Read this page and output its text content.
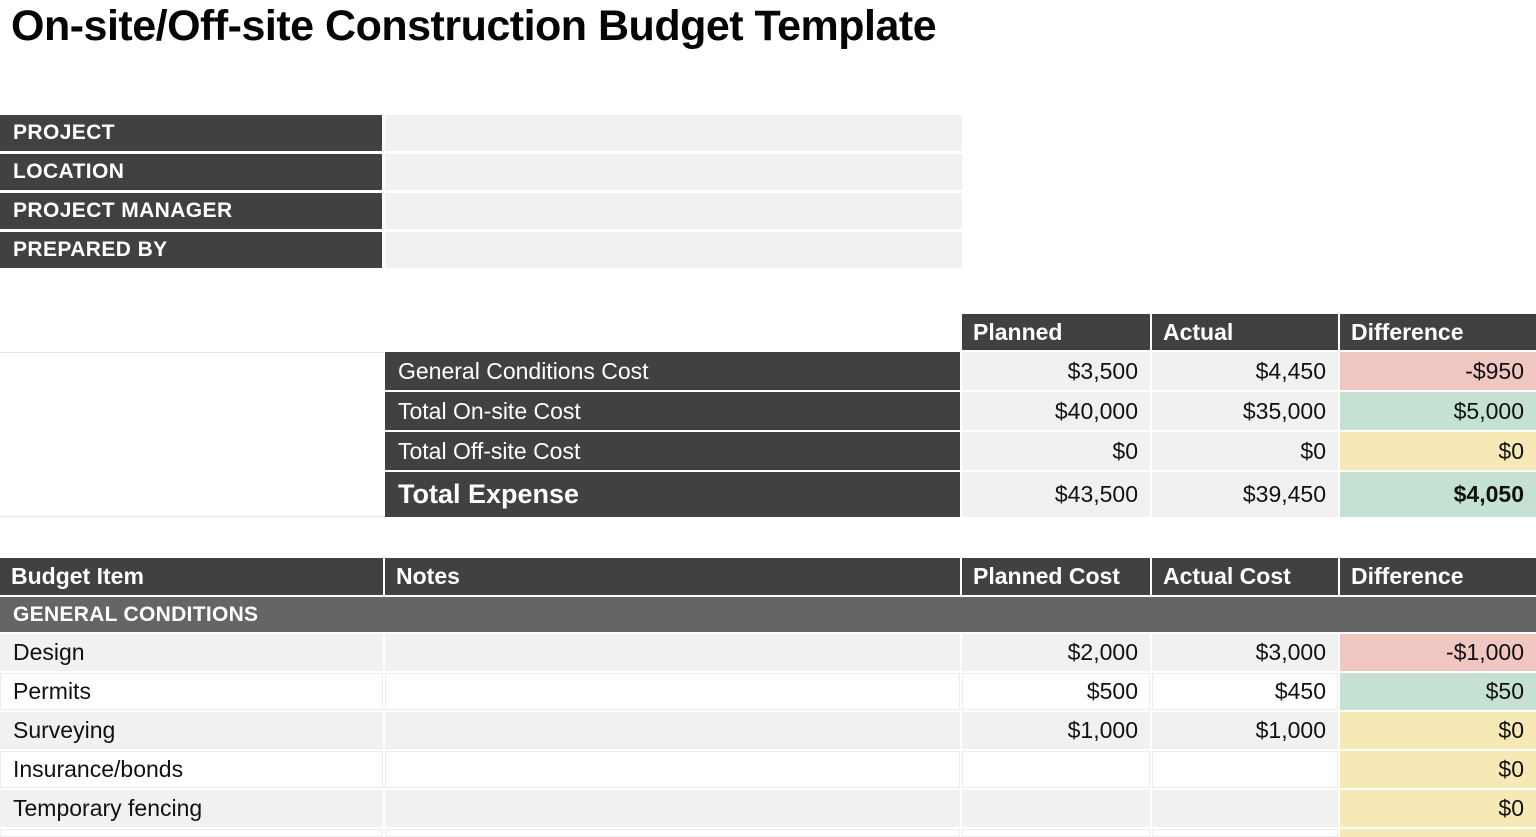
On-site/Off-site Construction Budget Template
PROJECT	
LOCATION	
PROJECT MANAGER	
PREPARED BY	
		Planned	Actual	Difference
	General Conditions Cost	$3,500	$4,450	-$950
	Total On-site Cost	$40,000	$35,000	$5,000
	Total Off-site Cost	$0	$0	$0
	Total Expense	$43,500	$39,450	$4,050
Budget Item	Notes	Planned Cost	Actual Cost	Difference
GENERAL CONDITIONS				
Design		$2,000	$3,000	-$1,000
Permits		$500	$450	$50
Surveying		$1,000	$1,000	$0
Insurance/bonds				$0
Temporary fencing				$0
